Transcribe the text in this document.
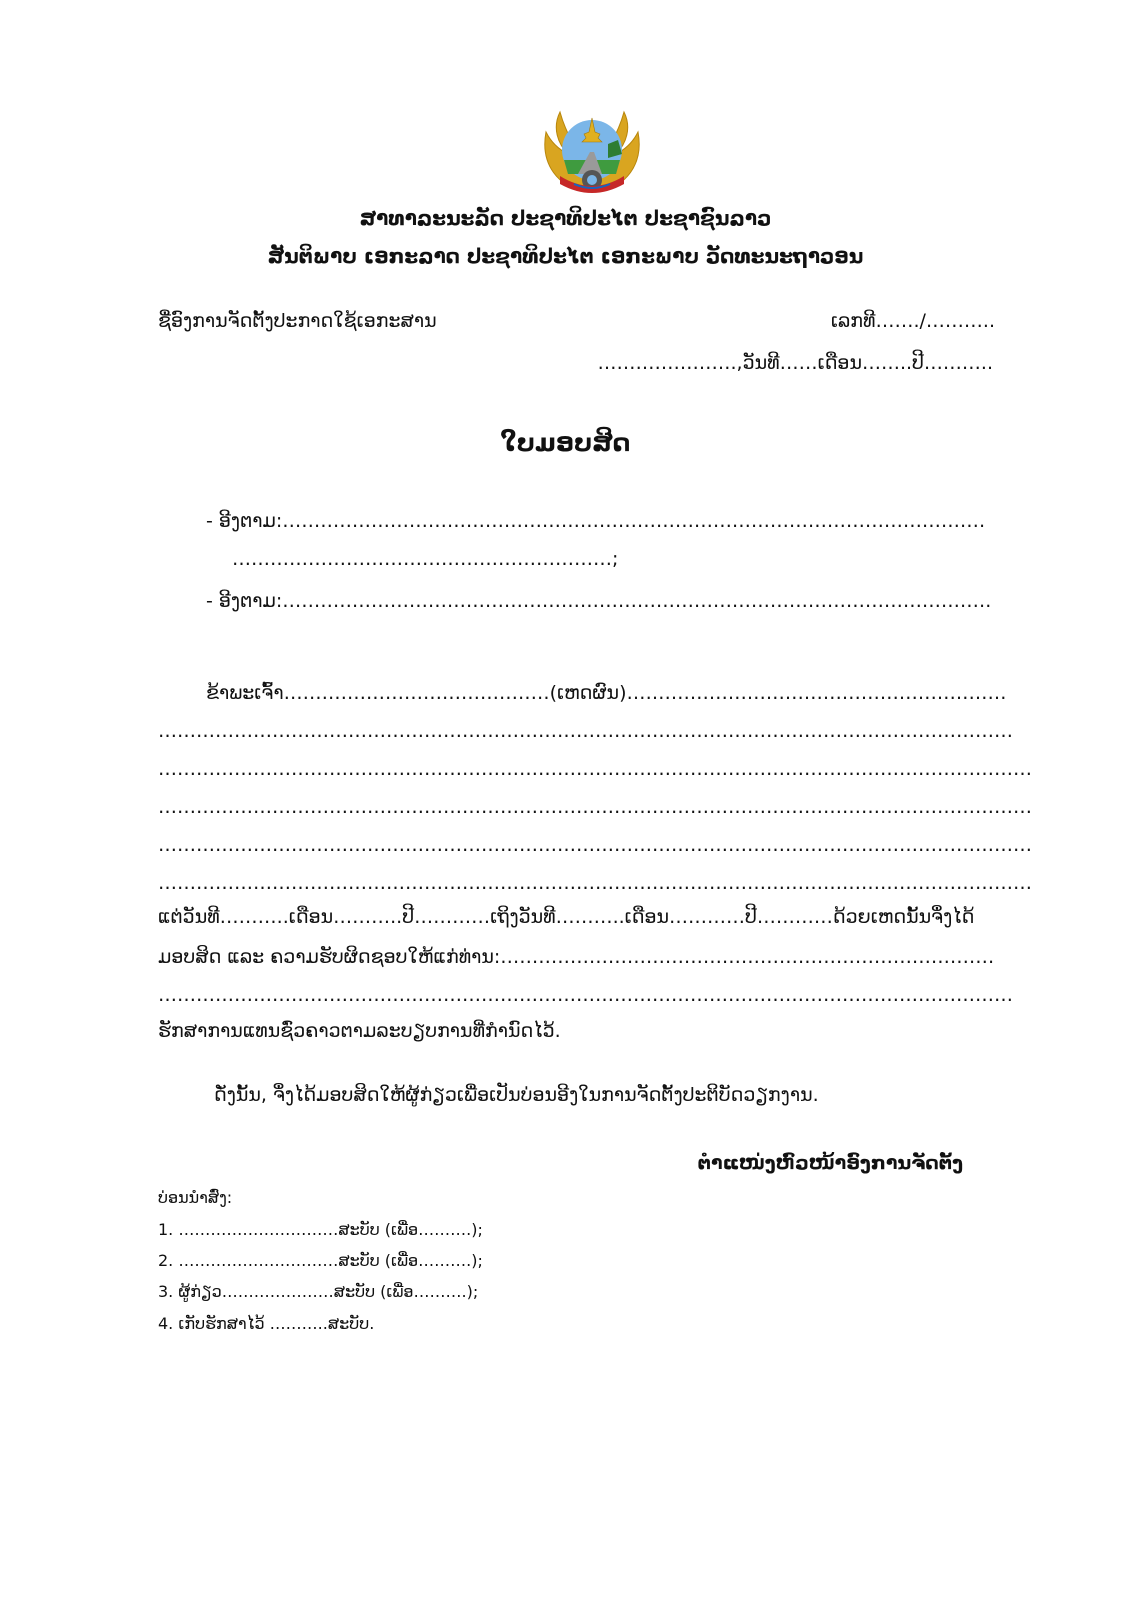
ສາທາລະນະລັດ ປະຊາທິປະໄຕ ປະຊາຊົນລາວ
ສັນຕິພາບ ເອກະລາດ ປະຊາທິປະໄຕ ເອກະພາບ ວັດທະນະຖາວອນ
ຊື່ອົງການຈັດຕັ້ງປະກາດໃຊ້ເອກະສານ	ເລກທີ……./………..
………………….,ວັນທີ……ເດືອນ……..ປີ………..
ໃບມອບສິດ
- ອີງຕາມ:…………………………………………………………………………………………………
……………………………………………………;
- ອີງຕາມ:………………………………………………………………………………………………….
ຂ້າພະເຈົ້າ……………………………………(ເຫດຜົນ)……………………………………………………
………………………………………………………………………………………………………………………
…………………………………………………………………………………………………………………………
…………………………………………………………………………………………………………………………
…………………………………………………………………………………………………………………………
…………………………………………………………………………………………………………………………
ແຕ່ວັນທີ………..ເດືອນ………..ປີ…………ເຖິງວັນທີ………..ເດືອນ…………ປີ…………ດ້ວຍເຫດນັ້ນຈຶ່ງໄດ້
ມອບສິດ ແລະ ຄວາມຮັບຜິດຊອບໃຫ້ແກ່ທ່ານ:……………………………………………………………………
………………………………………………………………………………………………………………………
ຮັກສາການແທນຊົ່ວຄາວຕາມລະບຽບການທີ່ກໍານົດໄວ້.
ດັ່ງນັ້ນ, ຈຶ່ງໄດ້ມອບສິດໃຫ້ຜູ້ກ່ຽວເພື່ອເປັນບ່ອນອີງໃນການຈັດຕັ້ງປະຕິບັດວຽກງານ.
ຕໍາແໜ່ງຫົວໜ້າອົງການຈັດຕັ້ງ
ບ່ອນນໍາສົ່ງ:
1. …………………………ສະບັບ (ເພື່ອ……….);
2. …………………………ສະບັບ (ເພື່ອ……….);
3. ຜູ້ກ່ຽວ…………………ສະບັບ (ເພື່ອ……….);
4. ເກັບຮັກສາໄວ້ ………..ສະບັບ.
